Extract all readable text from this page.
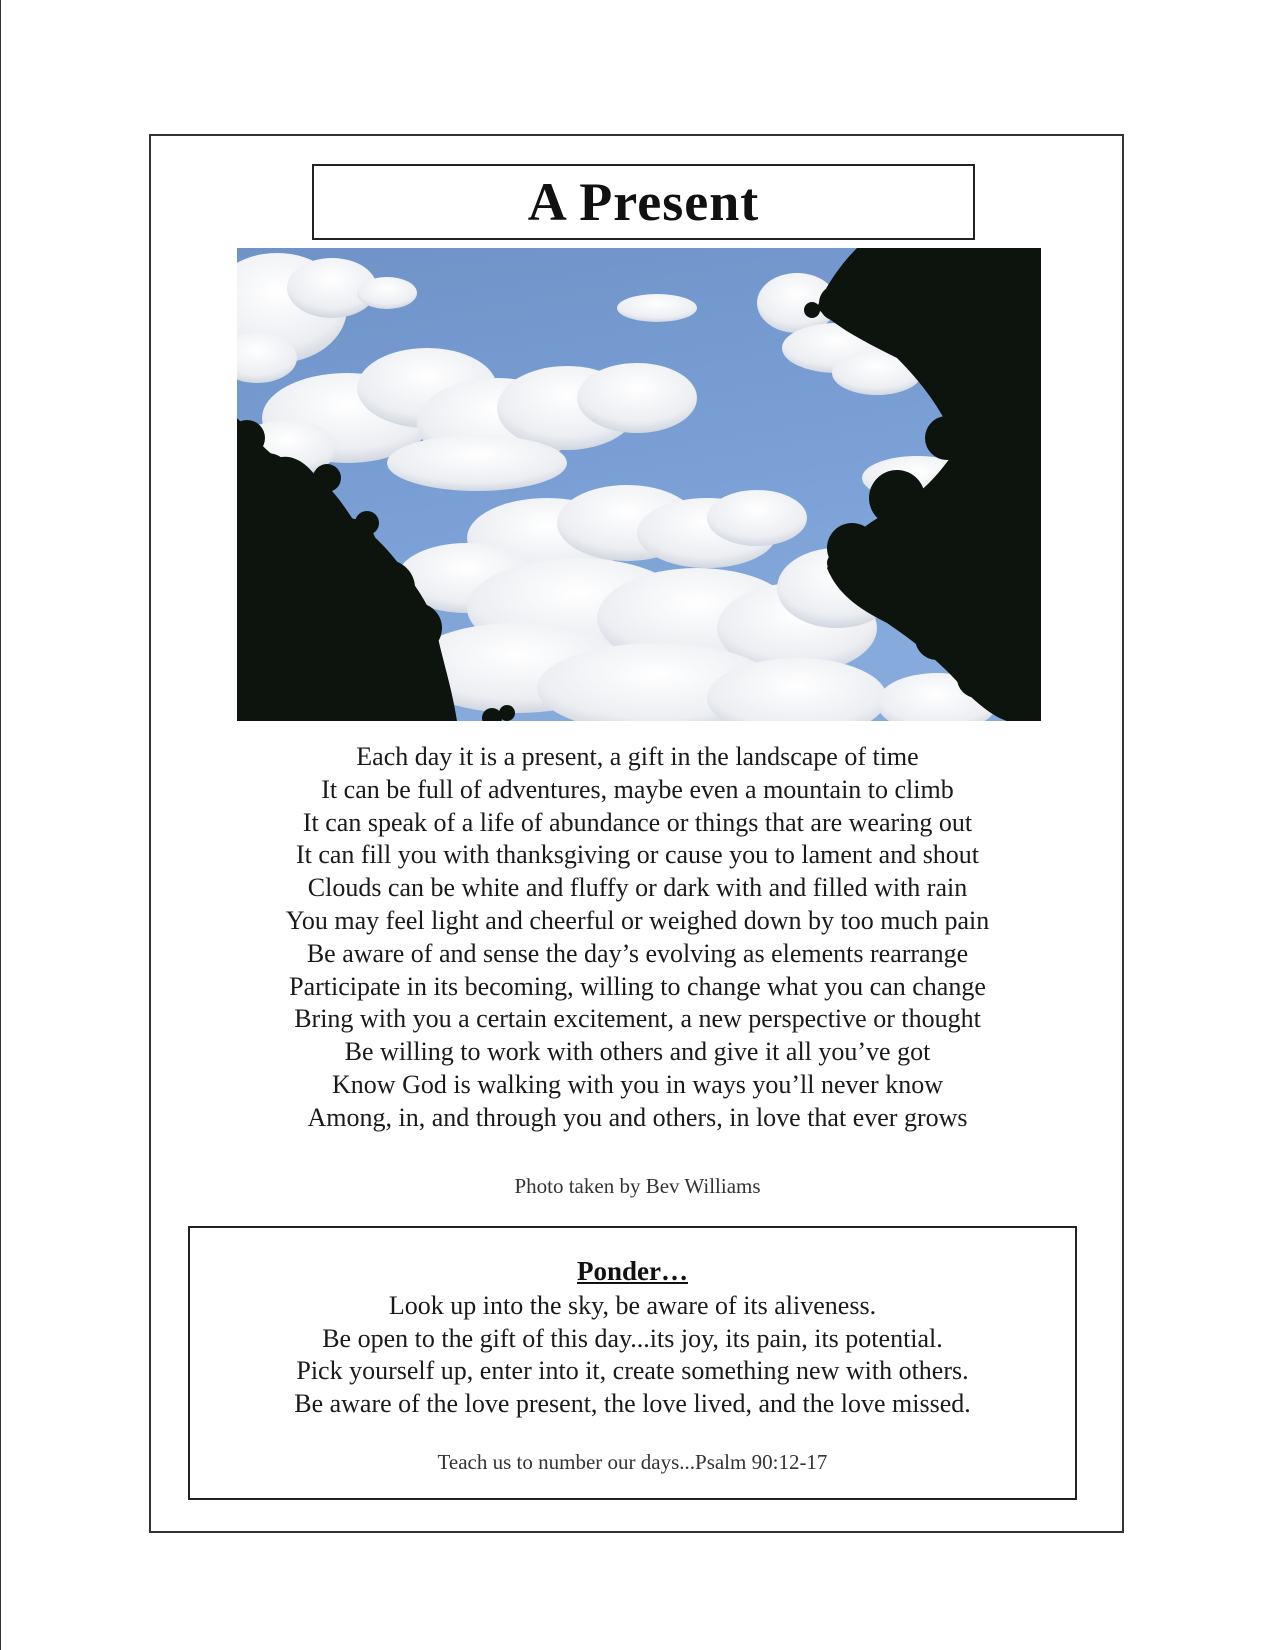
A Present
Each day it is a present, a gift in the landscape of time
It can be full of adventures, maybe even a mountain to climb
It can speak of a life of abundance or things that are wearing out
It can fill you with thanksgiving or cause you to lament and shout
Clouds can be white and fluffy or dark with and filled with rain
You may feel light and cheerful or weighed down by too much pain
Be aware of and sense the day’s evolving as elements rearrange
Participate in its becoming, willing to change what you can change
Bring with you a certain excitement, a new perspective or thought
Be willing to work with others and give it all you’ve got
Know God is walking with you in ways you’ll never know
Among, in, and through you and others, in love that ever grows
Photo taken by Bev Williams
Ponder…
Look up into the sky, be aware of its aliveness.
Be open to the gift of this day...its joy, its pain, its potential.
Pick yourself up, enter into it, create something new with others.
Be aware of the love present, the love lived, and the love missed.
Teach us to number our days...Psalm 90:12-17
